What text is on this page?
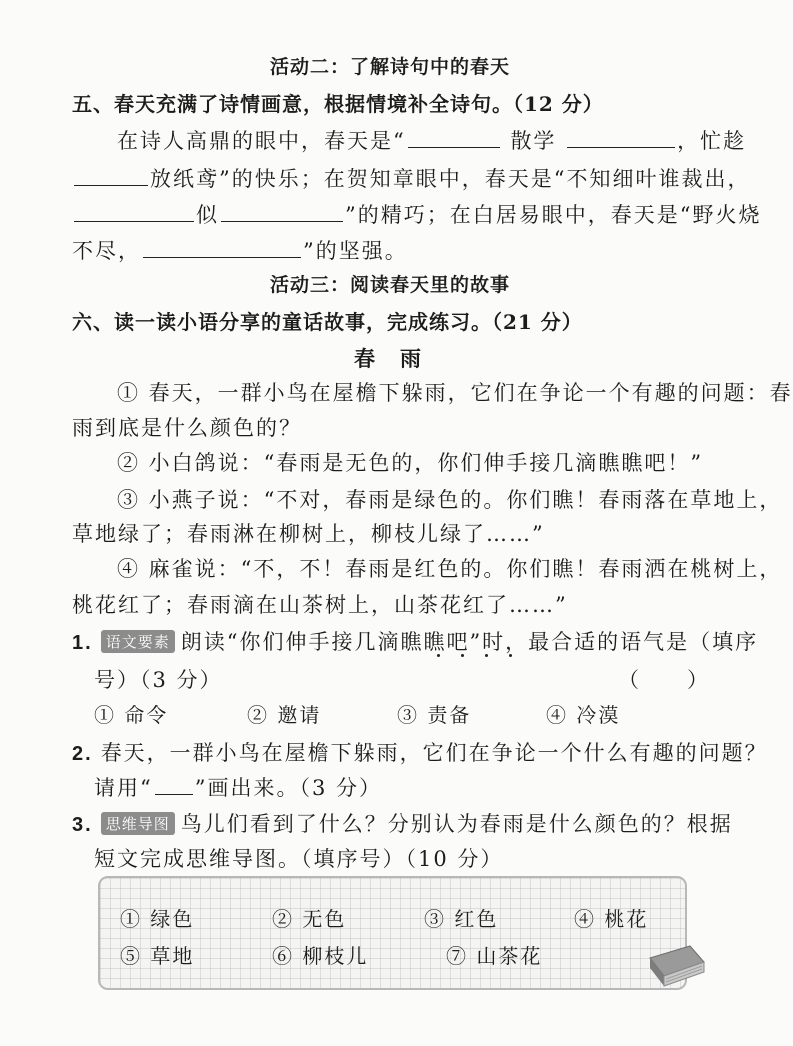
活动二：了解诗句中的春天
五、春天充满了诗情画意，根据情境补全诗句。（12 分）
在诗人高鼎的眼中，春天是“	散学	，忙趁
放纸鸢”的快乐；在贺知章眼中，春天是“不知细叶谁裁出，
似	”的精巧；在白居易眼中，春天是“野火烧
不尽，	”的坚强。
活动三：阅读春天里的故事
六、读一读小语分享的童话故事，完成练习。（21 分）
春　雨
① 春天，一群小鸟在屋檐下躲雨，它们在争论一个有趣的问题：春
雨到底是什么颜色的？
② 小白鸽说：“春雨是无色的，你们伸手接几滴瞧瞧吧！”
③ 小燕子说：“不对，春雨是绿色的。你们瞧！春雨落在草地上，
草地绿了；春雨淋在柳树上，柳枝儿绿了……”
④ 麻雀说：“不，不！春雨是红色的。你们瞧！春雨洒在桃树上，
桃花红了；春雨滴在山茶树上，山茶花红了……”
1. 语文要素 朗读“你们伸手接几滴瞧瞧吧”时，最合适的语气是（填序
号）（3 分）	（　　）
① 命令	② 邀请	③ 责备	④ 冷漠
2. 春天，一群小鸟在屋檐下躲雨，它们在争论一个什么有趣的问题？
请用“ ”画出来。（3 分）
3. 思维导图 鸟儿们看到了什么？分别认为春雨是什么颜色的？根据
短文完成思维导图。（填序号）（10 分）
① 绿色	② 无色	③ 红色	④ 桃花
⑤ 草地	⑥ 柳枝儿	⑦ 山茶花
